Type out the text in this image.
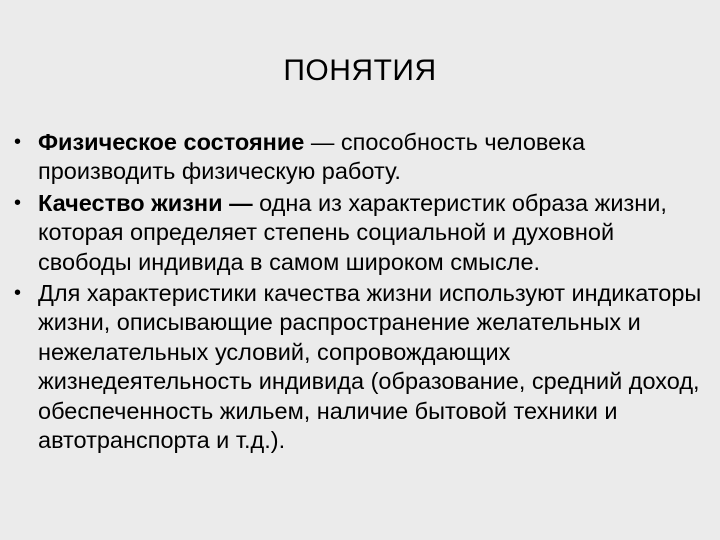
ПОНЯТИЯ
• Физическое состояние — способность человека производить физическую работу.
• Качество жизни — одна из характеристик образа жизни, которая определяет степень социальной и духовной свободы индивида в самом широком смысле.
• Для характеристики качества жизни используют индикаторы жизни, описывающие распространение желательных и нежелательных условий, сопровождающих жизнедеятельность индивида (образование, средний доход, обеспеченность жильем, наличие бытовой техники и автотранспорта и т.д.).
